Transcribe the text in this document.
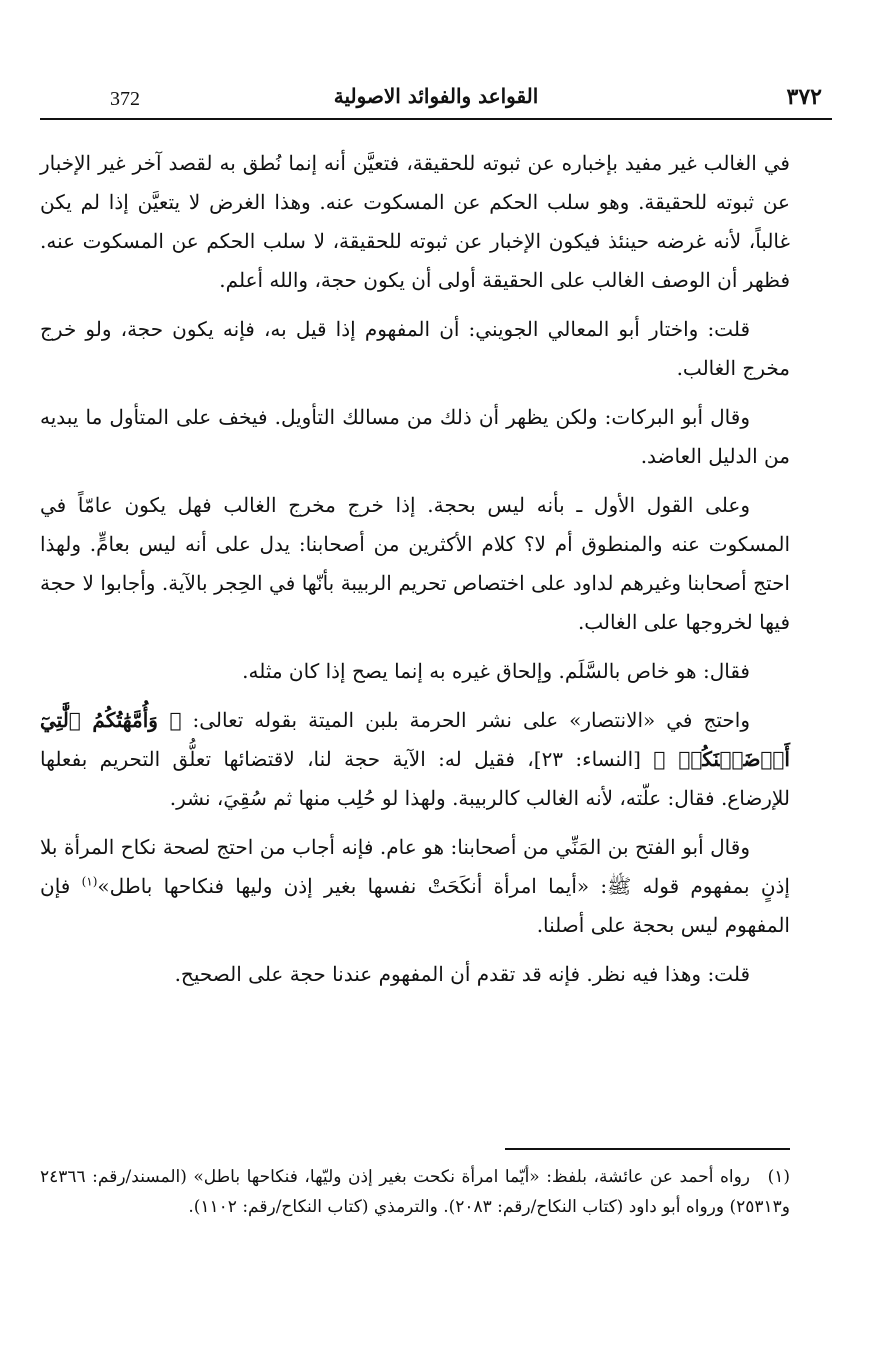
372	القواعد والفوائد الاصولية	٣٧٢

في الغالب غير مفيد بإخباره عن ثبوته للحقيقة، فتعيَّن أنه إنما نُطق به لقصد آخر غير الإخبار عن ثبوته للحقيقة. وهو سلب الحكم عن المسكوت عنه. وهذا الغرض لا يتعيَّن إذا لم يكن غالباً، لأنه غرضه حينئذ فيكون الإخبار عن ثبوته للحقيقة، لا سلب الحكم عن المسكوت عنه. فظهر أن الوصف الغالب على الحقيقة أولى أن يكون حجة، والله أعلم.

قلت: واختار أبو المعالي الجويني: أن المفهوم إذا قيل به، فإنه يكون حجة، ولو خرج مخرج الغالب.

وقال أبو البركات: ولكن يظهر أن ذلك من مسالك التأويل. فيخف على المتأول ما يبديه من الدليل العاضد.

وعلى القول الأول ـ بأنه ليس بحجة. إذا خرج مخرج الغالب فهل يكون عامّاً في المسكوت عنه والمنطوق أم لا؟ كلام الأكثرين من أصحابنا: يدل على أنه ليس بعامٍّ. ولهذا احتج أصحابنا وغيرهم لداود على اختصاص تحريم الربيبة بأنّها في الحِجر بالآية. وأجابوا لا حجة فيها لخروجها على الغالب.

فقال: هو خاص بالسَّلَم. وإلحاق غيره به إنما يصح إذا كان مثله.

واحتج في «الانتصار» على نشر الحرمة بلبن الميتة بقوله تعالى: ﴿ وَأُمَّهَٰتُكُمُ ٱلَّٰتِيٓ أَرۡضَعۡنَكُمۡ ﴾ [النساء: ٢٣]، فقيل له: الآية حجة لنا، لاقتضائها تعلُّق التحريم بفعلها للإرضاع. فقال: علّته، لأنه الغالب كالربيبة. ولهذا لو حُلِب منها ثم سُقِيَ، نشر.

وقال أبو الفتح بن المَنِّي من أصحابنا: هو عام. فإنه أجاب من احتج لصحة نكاح المرأة بلا إذنٍ بمفهوم قوله ﷺ: «أيما امرأة أنكَحَتْ نفسها بغير إذن وليها فنكاحها باطل»$^{(١)}$ فإن المفهوم ليس بحجة على أصلنا.

قلت: وهذا فيه نظر. فإنه قد تقدم أن المفهوم عندنا حجة على الصحيح.

(١)رواه أحمد عن عائشة، بلفظ: «أيّما امرأة نكحت بغير إذن وليّها، فنكاحها باطل» (المسند/رقم: ٢٤٣٦٦ و٢٥٣١٣) ورواه أبو داود (كتاب النكاح/رقم: ٢٠٨٣). والترمذي (كتاب النكاح/رقم: ١١٠٢).
